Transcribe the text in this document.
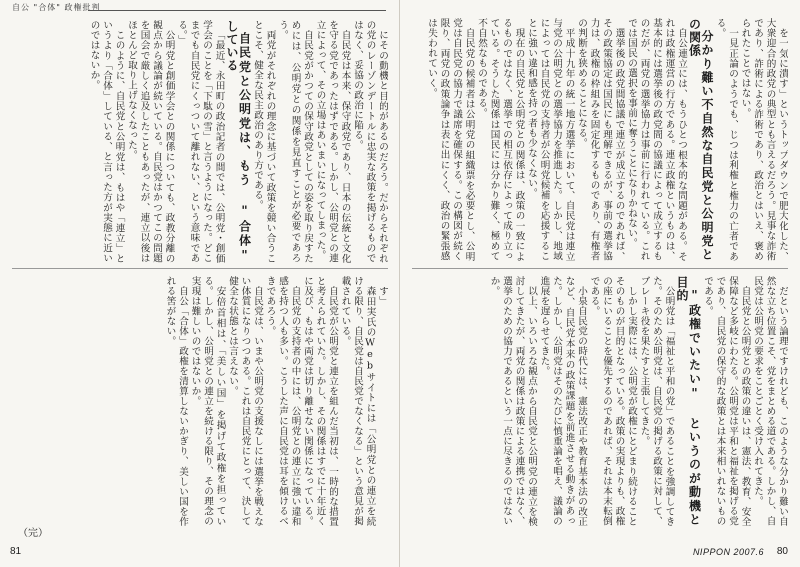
自公 "合体" 政権批判

にその動機と目的があるのだろう。だからそれぞれの党のレーゾンデートルに忠実な政策を掲げるものではなく、妥協の政治に陥る。

自民党は本来、保守政党であり、日本の伝統と文化を守る党であったはずである。しかし、公明党との連立によって、その立場はあいまいになってしまった。

自民党がかつての保守政党としての姿を取り戻すためには、公明党との関係を見直すことが必要であろう。

両党がそれぞれの理念に基づいて政策を競い合うことこそ、健全な民主政治のあり方である。

自民党と公明党は、もう "合体" している

「最近、永田町の政治記者の間では、公明党・創価学会のことを「下駄の雪」と言うようになった。どこまでも自民党にくっついて離れない、という意味である。」

公明党と創価学会との関係についても、政教分離の観点から議論が続いている。自民党はかつてこの問題を国会で厳しく追及したこともあったが、連立以後はほとんど取り上げなくなった。

このように、自民党と公明党は、もはや「連立」というより「合体」している、と言った方が実態に近いのではないか。

す」

森田実氏のWebサイトには「公明党との連立を続ける限り、自民党は自民党でなくなる」という意見が掲載されている。

自民党が公明党と連立を組んだ当初は、一時的な措置と考えられていた。しかし、その関係はすでに十年近くに及び、もはや両党は切り離せない関係になっている。

自民党の支持者の中には、公明党との連立に強い違和感を持つ人も多い。こうした声に自民党は耳を傾けるべきであろう。

自民党は、いまや公明党の支援なしには選挙を戦えない体質になりつつある。これは自民党にとって、決して健全な状態とは言えない。

安倍首相は、「美しい国」を掲げて政権を担っている。しかし、公明党との連立を続ける限り、その理念の実現は難しいのではないか。

自公「合体」政権を清算しないかぎり、美しい国を作れる筈がない。

（完）
81

を一気に潰す」というトップダウンで肥大化した、大衆迎合的政党の典型とも言えるだろう。見事な詐術であり、詐術による詐術であり、政治とはいえ、褒められたことではない。

一見正論のようでも、じつは利権と権力の亡者である。

分かり難い不自然な自民党と公明党との関係

自公連立には、もうひとつ根本的な問題がある。それは政権運営の行方である。連立政権というものは、基本的には選挙後の政党間の協議によって成立するものだが、両党の選挙協力は事前に行われている。これでは国民の選択を事前に奪うことになりかねない。

選挙後の政党間協議で連立が成立するのであれば、その政策協定は国民にも理解できるが、事前の選挙協力は、政権の枠組みを固定化するものであり、有権者の判断を狭めることになる。

平成十九年の統一地方選挙において、自民党は連立与党の公明党との選挙協力を推進した。しかし、地域によっては自民党の支持者が公明党候補を応援することに強い違和感を持つ者も少なくない。

現在の自民党と公明党との関係は、政策の一致によるものではなく、選挙での相互依存によって成り立っている。そうした関係は国民には分かり難く、極めて不自然なものである。

自民党の候補者は公明党の組織票を必要とし、公明党は自民党の協力で議席を確保する。この構図が続く限り、両党の政策論争は表に出にくく、政治の緊張感は失われていく。

だという論理ですけれども、このような分かり難い自然な立ち位置こそ、党をまとめる道である。しかし、自民党は公明党の要求をことごとく受け入れてきた。

自民党と公明党との政策の違いは、憲法、教育、安全保障など多岐にわたる。公明党は平和と福祉を掲げる党であり、自民党の保守的な政策とは本来相いれないものである。

"政権でいたい" というのが動機と目的

公明党は「福祉と平和の党」であることを強調してきた。そのため公明党は、自民党の掲げる政策に対して、ブレーキ役を果たすと主張してきた。

しかし実際には、公明党が政権にとどまり続けることそのものが目的となっている。政策の実現よりも、政権の座にいることを優先するのであれば、それは本末転倒である。

小泉自民党の時代には、憲法改正や教育基本法の改正など、自民党本来の政策課題を前進させる動きがあった。しかし、公明党はそのたびに慎重論を唱え、議論の進展を遅らせてきた。

以上、いろいろな観点から自民党と公明党の連立を検討してきたが、両党の関係は政策による連携ではなく、選挙のための協力であるという一点に尽きるのではないか。

NIPPON 2007.6 80
